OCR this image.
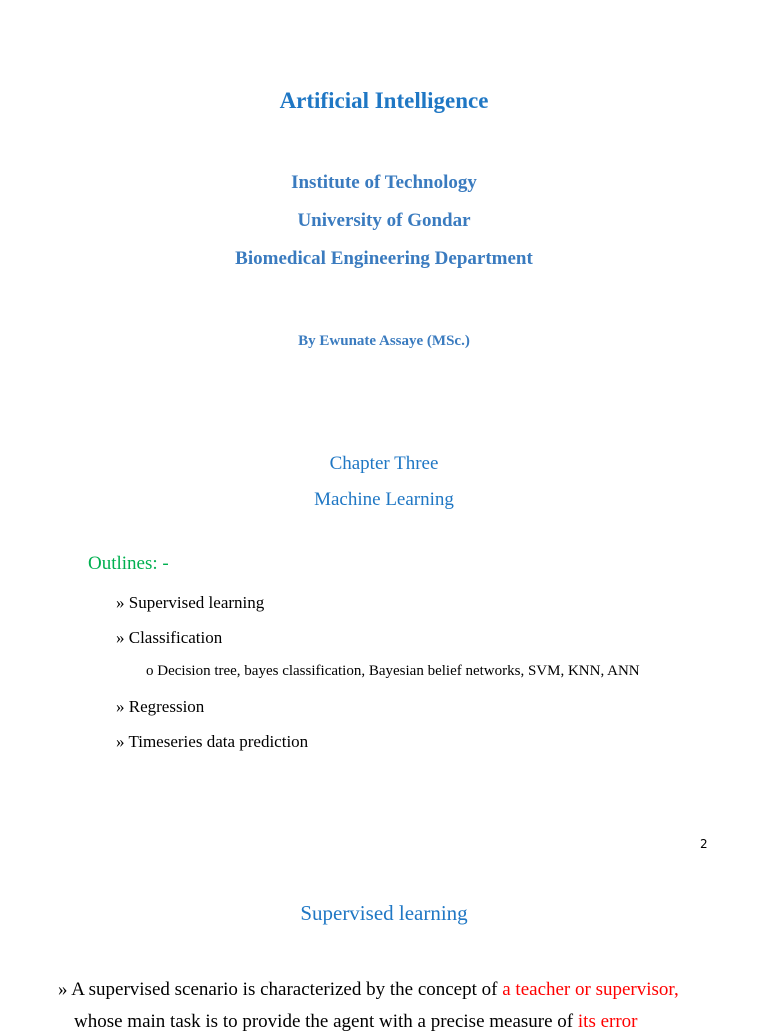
Artificial Intelligence
Institute of Technology
University of Gondar
Biomedical Engineering Department
By Ewunate Assaye (MSc.)
Chapter Three
Machine Learning
Outlines: -
» Supervised learning
» Classification
o Decision tree, bayes classification, Bayesian belief networks, SVM, KNN, ANN
» Regression
» Timeseries data prediction
2
Supervised learning
» A supervised scenario is characterized by the concept of a teacher or supervisor,
whose main task is to provide the agent with a precise measure of its error
